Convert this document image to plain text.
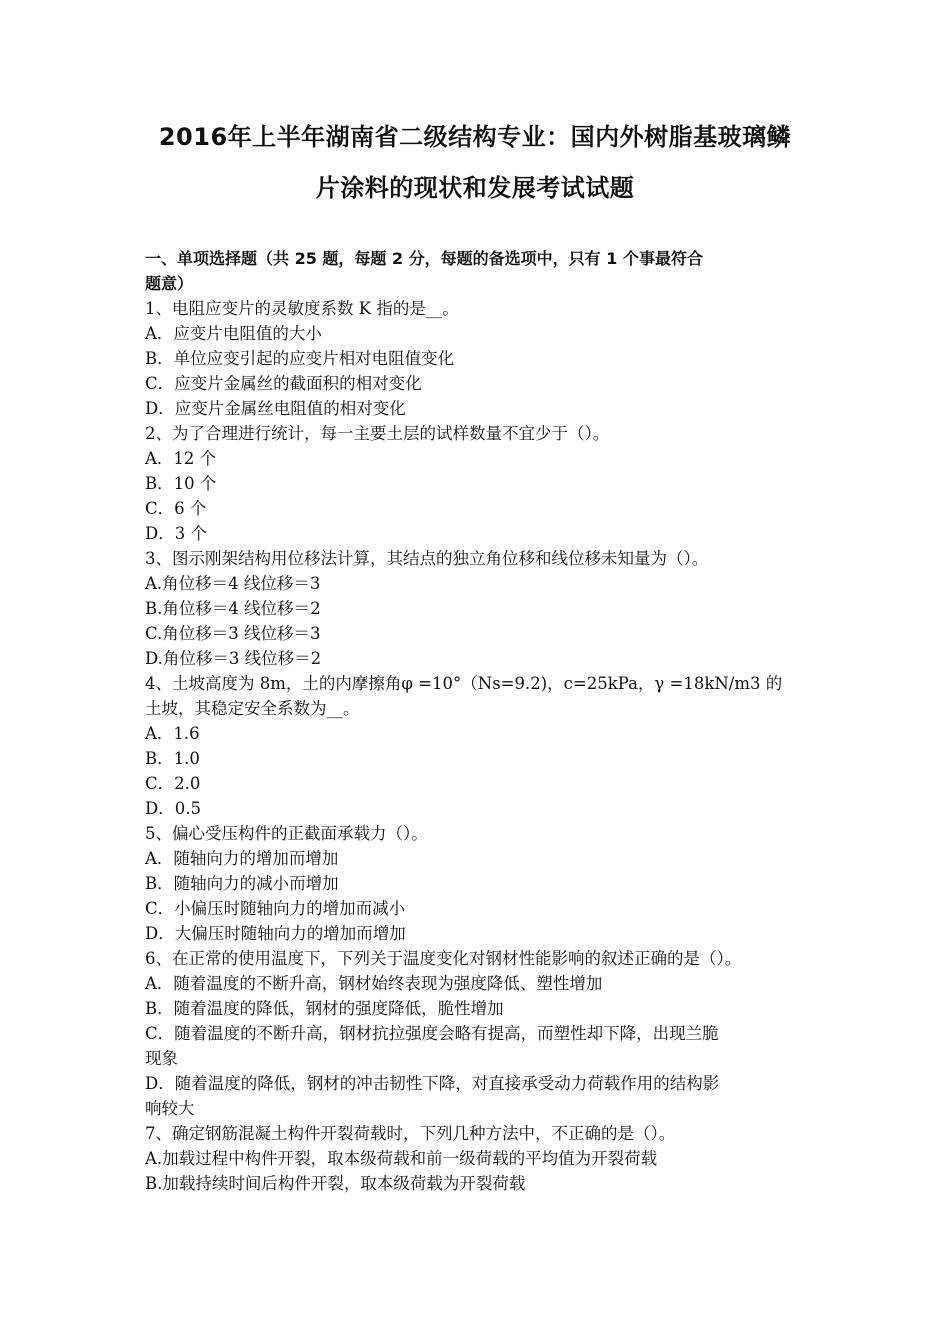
2016年上半年湖南省二级结构专业：国内外树脂基玻璃鳞
片涂料的现状和发展考试试题
一、单项选择题（共 25 题，每题 2 分，每题的备选项中，只有 1 个事最符合
题意）
1、电阻应变片的灵敏度系数 K 指的是__。
A．应变片电阻值的大小
B．单位应变引起的应变片相对电阻值变化
C．应变片金属丝的截面积的相对变化
D．应变片金属丝电阻值的相对变化
2、为了合理进行统计，每一主要土层的试样数量不宜少于（）。
A．12 个
B．10 个
C．6 个
D．3 个
3、图示刚架结构用位移法计算，其结点的独立角位移和线位移未知量为（）。
A.角位移＝4 线位移＝3
B.角位移＝4 线位移＝2
C.角位移＝3 线位移＝3
D.角位移＝3 线位移＝2
4、土坡高度为 8m，土的内摩擦角φ =10°（Ns=9.2)，c=25kPa，γ =18kN/m3 的
土坡，其稳定安全系数为__。
A．1.6
B．1.0
C．2.0
D．0.5
5、偏心受压构件的正截面承载力（）。
A．随轴向力的增加而增加
B．随轴向力的减小而增加
C．小偏压时随轴向力的增加而减小
D．大偏压时随轴向力的增加而增加
6、在正常的使用温度下，下列关于温度变化对钢材性能影响的叙述正确的是（）。
A．随着温度的不断升高，钢材始终表现为强度降低、塑性增加
B．随着温度的降低，钢材的强度降低，脆性增加
C．随着温度的不断升高，钢材抗拉强度会略有提高，而塑性却下降，出现兰脆
现象
D．随着温度的降低，钢材的冲击韧性下降，对直接承受动力荷载作用的结构影
响较大
7、确定钢筋混凝土构件开裂荷载时，下列几种方法中，不正确的是（）。
A.加载过程中构件开裂，取本级荷载和前一级荷载的平均值为开裂荷载
B.加载持续时间后构件开裂，取本级荷载为开裂荷载
